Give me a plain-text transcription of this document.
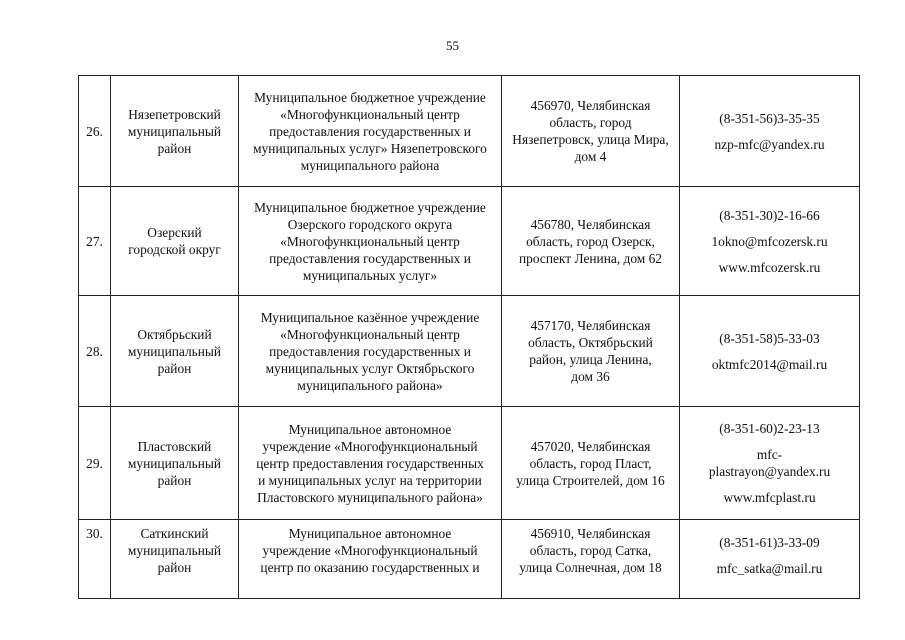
55
26.	Нязепетровский
муниципальный
район	Муниципальное бюджетное учреждение
«Многофункциональный центр
предоставления государственных и
муниципальных услуг» Нязепетровского
муниципального района	456970, Челябинская
область, город
Нязепетровск, улица Мира,
дом 4	(8-351-56)3-35-35
nzp-mfc@yandex.ru

27.	Озерский
городской округ	Муниципальное бюджетное учреждение
Озерского городского округа
«Многофункциональный центр
предоставления государственных и
муниципальных услуг»	456780, Челябинская
область, город Озерск,
проспект Ленина, дом 62	(8-351-30)2-16-66
1okno@mfcozersk.ru
www.mfcozersk.ru

28.	Октябрьский
муниципальный
район	Муниципальное казённое учреждение
«Многофункциональный центр
предоставления государственных и
муниципальных услуг Октябрьского
муниципального района»	457170, Челябинская
область, Октябрьский
район, улица Ленина,
дом 36	(8-351-58)5-33-03
oktmfc2014@mail.ru

29.	Пластовский
муниципальный
район	Муниципальное автономное
учреждение «Многофункциональный
центр предоставления государственных
и муниципальных услуг на территории
Пластовского муниципального района»	457020, Челябинская
область, город Пласт,
улица Строителей, дом 16	(8-351-60)2-23-13
mfc-
plastrayon@yandex.ru
www.mfcplast.ru

30.	Саткинский
муниципальный
район	Муниципальное автономное
учреждение «Многофункциональный
центр по оказанию государственных и	456910, Челябинская
область, город Сатка,
улица Солнечная, дом 18	(8-351-61)3-33-09
mfc_satka@mail.ru
